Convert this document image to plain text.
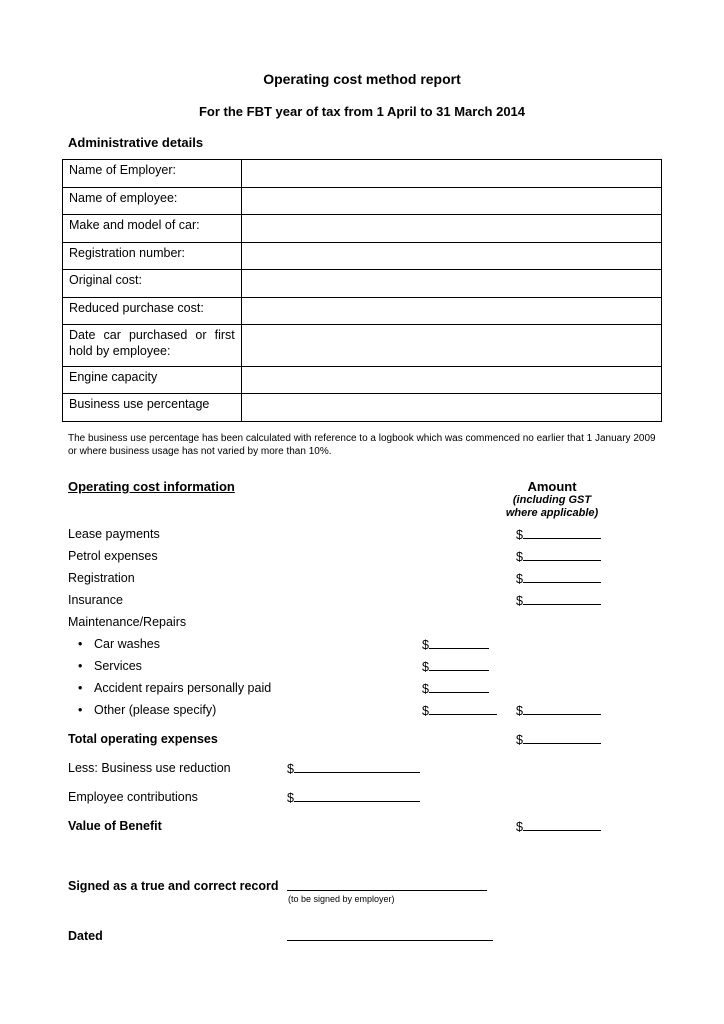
Operating cost method report
For the FBT year of tax from 1 April to 31 March 2014
Administrative details
Name of Employer:	
Name of employee:	
Make and model of car:	
Registration number:	
Original cost:	
Reduced purchase cost:	
Date car purchased or first hold by employee:	
Engine capacity	
Business use percentage	
The business use percentage has been calculated with reference to a logbook which was commenced no earlier that 1 January 2009 or where business usage has not varied by more than 10%.
Operating cost information	Amount
(including GST
where applicable)
Lease payments	$
Petrol expenses	$
Registration	$
Insurance	$
Maintenance/Repairs
• Car washes	$
• Services	$
• Accident repairs personally paid	$
• Other (please specify)	$	$
Total operating expenses	$
Less: Business use reduction	$
Employee contributions	$
Value of Benefit	$
Signed as a true and correct record
(to be signed by employer)
Dated
